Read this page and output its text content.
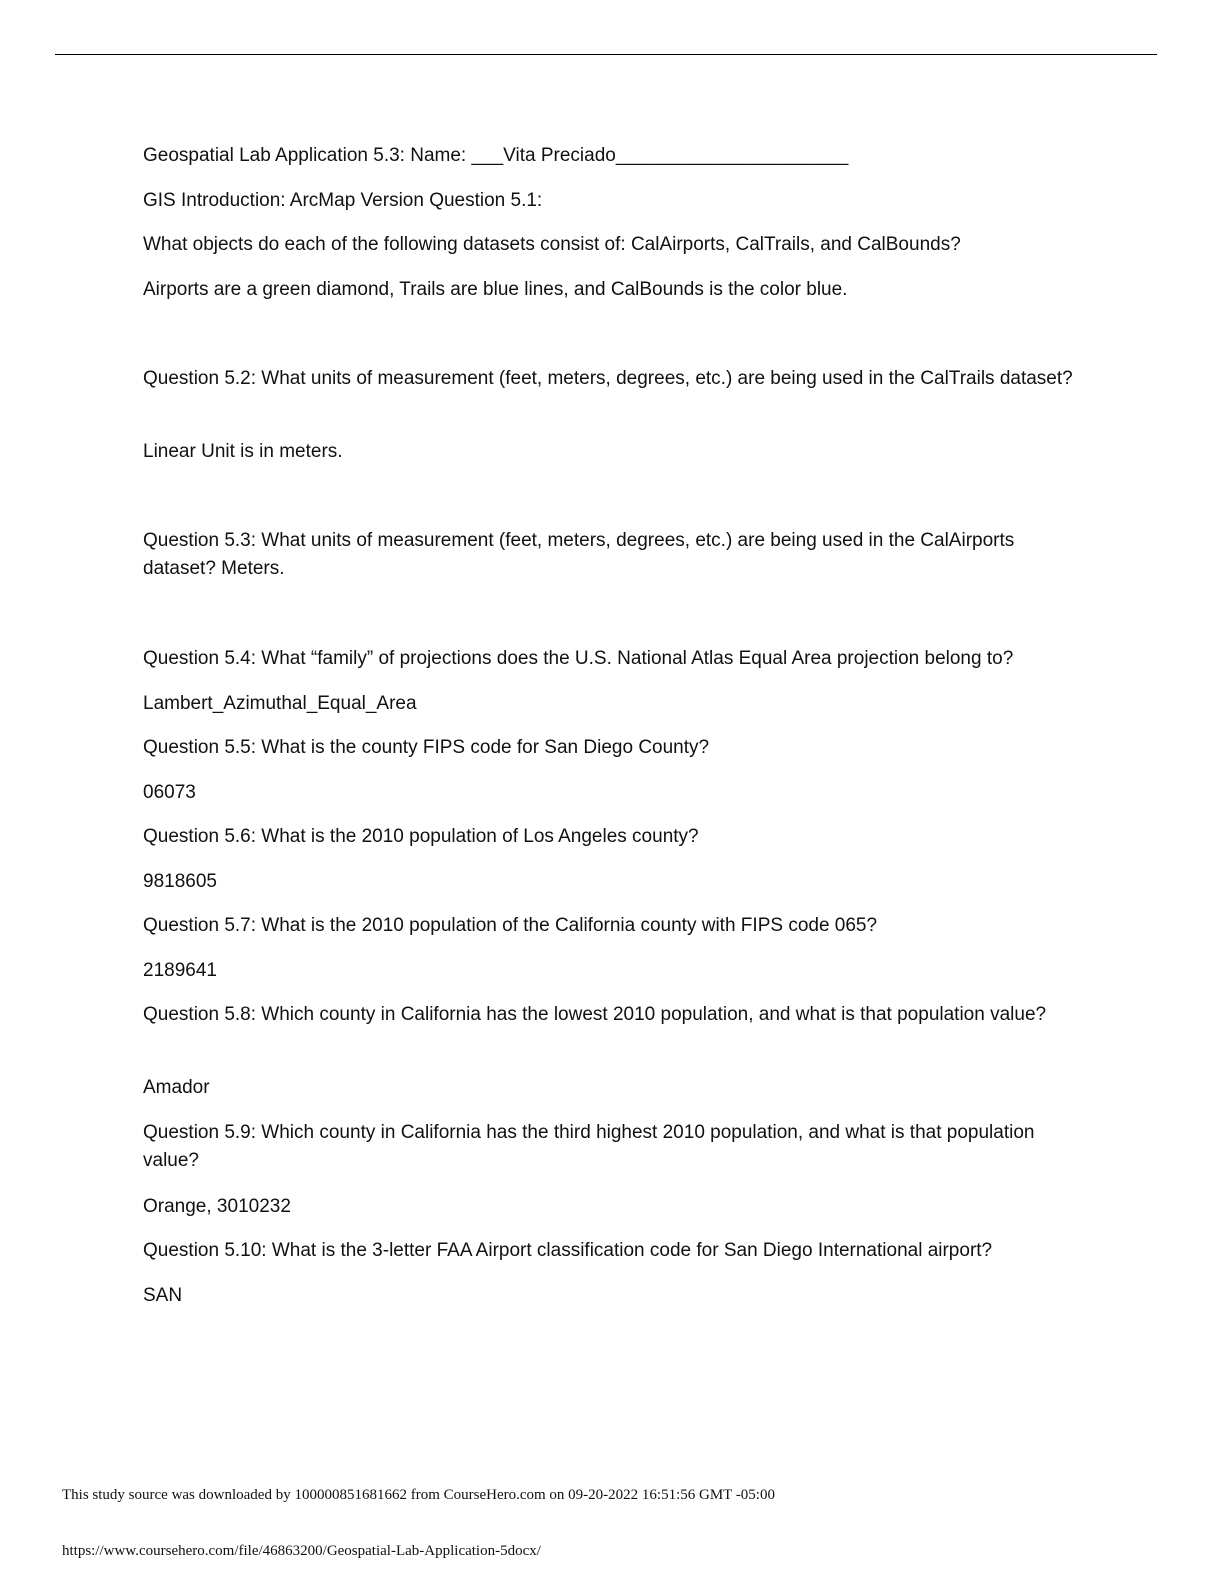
Geospatial Lab Application 5.3: Name: ___Vita Preciado______________________
GIS Introduction: ArcMap Version Question 5.1:
What objects do each of the following datasets consist of: CalAirports, CalTrails, and CalBounds?
Airports are a green diamond, Trails are blue lines, and CalBounds is the color blue.
Question 5.2: What units of measurement (feet, meters, degrees, etc.) are being used in the CalTrails dataset?
Linear Unit is in meters.
Question 5.3: What units of measurement (feet, meters, degrees, etc.) are being used in the CalAirports dataset? Meters.
Question 5.4: What “family” of projections does the U.S. National Atlas Equal Area projection belong to?
Lambert_Azimuthal_Equal_Area
Question 5.5: What is the county FIPS code for San Diego County?
06073
Question 5.6: What is the 2010 population of Los Angeles county?
9818605
Question 5.7: What is the 2010 population of the California county with FIPS code 065?
2189641
Question 5.8: Which county in California has the lowest 2010 population, and what is that population value?
Amador
Question 5.9: Which county in California has the third highest 2010 population, and what is that population value?
Orange, 3010232
Question 5.10: What is the 3-letter FAA Airport classification code for San Diego International airport?
SAN
This study source was downloaded by 100000851681662 from CourseHero.com on 09-20-2022 16:51:56 GMT -05:00
https://www.coursehero.com/file/46863200/Geospatial-Lab-Application-5docx/
